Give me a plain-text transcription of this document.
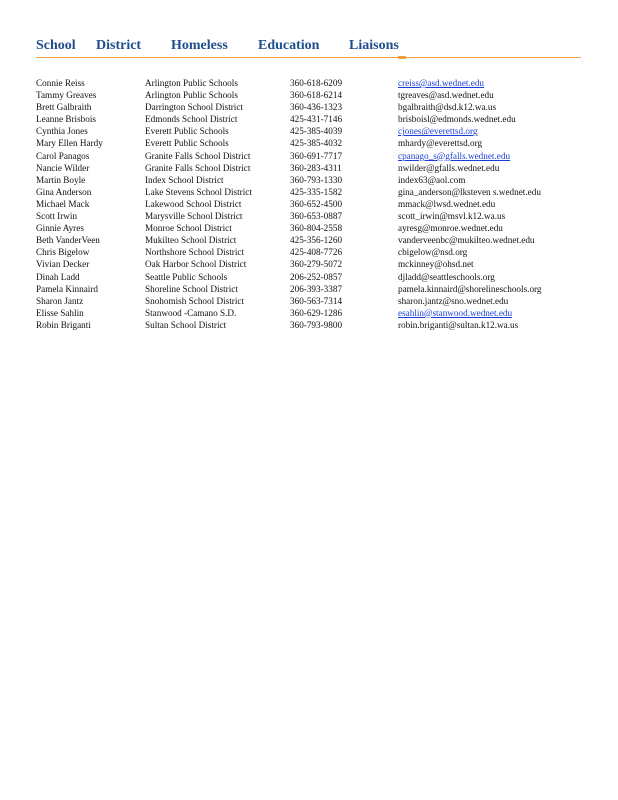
School District Homeless Education Liaisons
Connie Reiss	Arlington Public Schools	360-618-6209	creiss@asd.wednet.edu
Tammy Greaves	Arlington Public Schools	360-618-6214	tgreaves@asd.wednet.edu
Brett Galbraith	Darrington School District	360-436-1323	bgalbraith@dsd.k12.wa.us
Leanne Brisbois	Edmonds School District	425-431-7146	brisboisl@edmonds.wednet.edu
Cynthia Jones	Everett Public Schools	425-385-4039	cjones@everettsd.org
Mary Ellen Hardy	Everett Public Schools	425-385-4032	mhardy@everettsd.org
Carol Panagos	Granite Falls School District	360-691-7717	cpanago_s@gfalls.wednet.edu
Nancie Wilder	Granite Falls School District	360-283-4311	nwilder@gfalls.wednet.edu
Martin Boyle	Index School District	360-793-1330	index63@aol.com
Gina Anderson	Lake Stevens School District	425-335-1582	gina_anderson@lksteven s.wednet.edu
Michael Mack	Lakewood School District	360-652-4500	mmack@lwsd.wednet.edu
Scott Irwin	Marysville School District	360-653-0887	scott_irwin@msvl.k12.wa.us
Ginnie Ayres	Monroe School District	360-804-2558	ayresg@monroe.wednet.edu
Beth VanderVeen	Mukilteo School District	425-356-1260	vanderveenbc@mukilteo.wednet.edu
Chris Bigelow	Northshore School District	425-408-7726	cbigelow@nsd.org
Vivian Decker	Oak Harbor School District	360-279-5072	mckinney@ohsd.net
Dinah Ladd	Seattle Public Schools	206-252-0857	djladd@seattleschools.org
Pamela Kinnaird	Shoreline School District	206-393-3387	pamela.kinnaird@shorelineschools.org
Sharon Jantz	Snohomish School District	360-563-7314	sharon.jantz@sno.wednet.edu
Elisse Sahlin	Stanwood -Camano S.D.	360-629-1286	esahlin@stanwood.wednet.edu
Robin Briganti	Sultan School District	360-793-9800	robin.briganti@sultan.k12.wa.us
